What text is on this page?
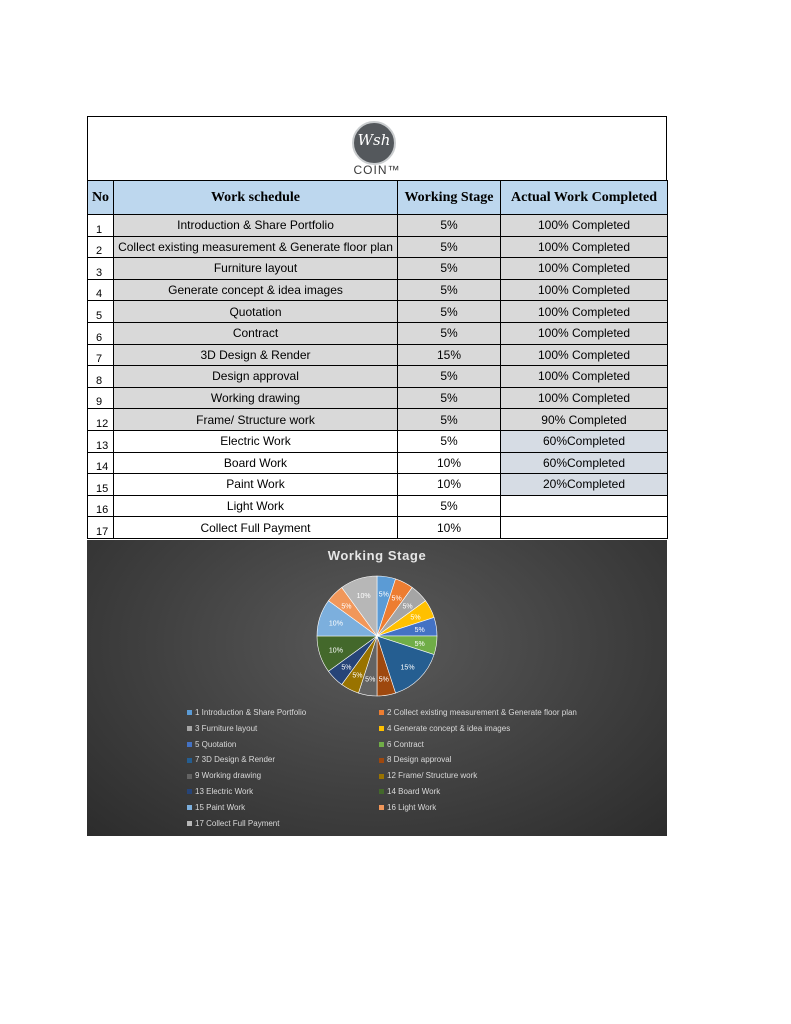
Wsh
COIN™
No	Work schedule	Working Stage	Actual Work Completed
1	Introduction & Share Portfolio	5%	100% Completed
2	Collect existing measurement & Generate floor plan	5%	100% Completed
3	Furniture layout	5%	100% Completed
4	Generate concept & idea images	5%	100% Completed
5	Quotation	5%	100% Completed
6	Contract	5%	100% Completed
7	3D Design & Render	15%	100% Completed
8	Design approval	5%	100% Completed
9	Working drawing	5%	100% Completed
12	Frame/ Structure work	5%	90% Completed
13	Electric Work	5%	60%Completed
14	Board Work	10%	60%Completed
15	Paint Work	10%	20%Completed
16	Light Work	5%	
17	Collect Full Payment	10%	
Working Stage
5%
5%
5%
5%
5%
5%
15%
5%
5%
5%
5%
10%
10%
5%
10%
1 Introduction & Share Portfolio	2 Collect existing measurement & Generate floor plan
3 Furniture layout	4 Generate concept & idea images
5 Quotation	6 Contract
7 3D Design & Render	8 Design approval
9 Working drawing	12 Frame/ Structure work
13 Electric Work	14 Board Work
15 Paint Work	16 Light Work
17 Collect Full Payment
